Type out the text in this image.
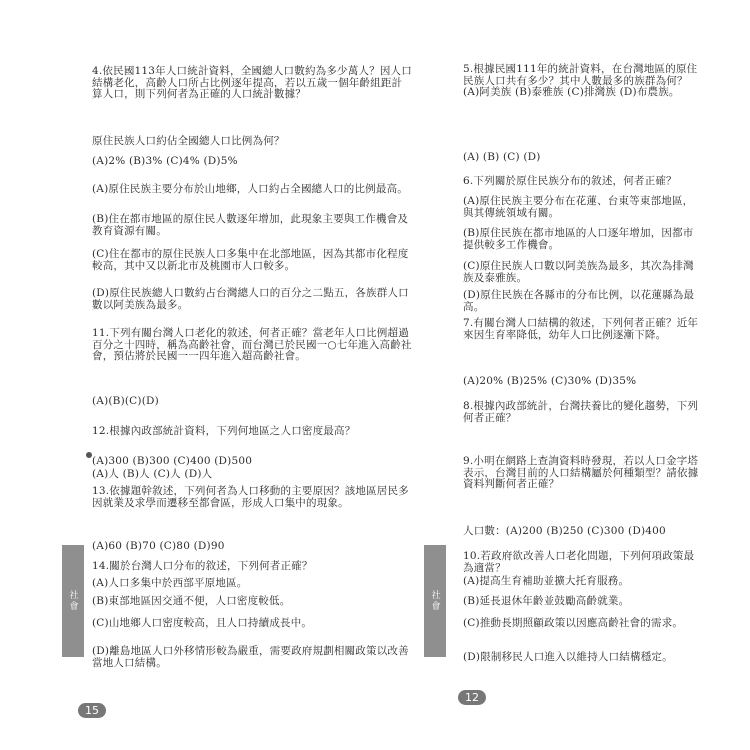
4.依民國113年人口統計資料，全國總人口數約為多少萬人？因人口結構老化，高齡人口所占比例逐年提高，若以五歲一個年齡組距計算人口，則下列何者為正確的人口統計數據？
原住民族人口約佔全國總人口比例為何？
(A)2% (B)3% (C)4% (D)5%
(A)原住民族主要分布於山地鄉，人口約占全國總人口的比例最高。
(B)住在都市地區的原住民人數逐年增加，此現象主要與工作機會及教育資源有關。
(C)住在都市的原住民族人口多集中在北部地區，因為其都市化程度較高，其中又以新北市及桃園市人口較多。
(D)原住民族總人口數約占台灣總人口的百分之二點五，各族群人口數以阿美族為最多。
11.下列有關台灣人口老化的敘述，何者正確？當老年人口比例超過百分之十四時，稱為高齡社會，而台灣已於民國一○七年進入高齡社會，預估將於民國一一四年進入超高齡社會。
(A)(B)(C)(D)
12.根據內政部統計資料，下列何地區之人口密度最高？
(A)300 (B)300 (C)400 (D)500
(A)人 (B)人 (C)人 (D)人
13.依據題幹敘述，下列何者為人口移動的主要原因？該地區居民多因就業及求學而遷移至都會區，形成人口集中的現象。
(A)60 (B)70 (C)80 (D)90
14.關於台灣人口分布的敘述，下列何者正確？
(A)人口多集中於西部平原地區。
(B)東部地區因交通不便，人口密度較低。
(C)山地鄉人口密度較高，且人口持續成長中。
(D)離島地區人口外移情形較為嚴重，需要政府規劃相關政策以改善當地人口結構。
5.根據民國111年的統計資料，在台灣地區的原住民族人口共有多少？其中人數最多的族群為何？(A)阿美族 (B)泰雅族 (C)排灣族 (D)布農族。
(A) (B) (C) (D)
6.下列關於原住民族分布的敘述，何者正確？
(A)原住民族主要分布在花蓮、台東等東部地區，與其傳統領域有關。
(B)原住民族在都市地區的人口逐年增加，因都市提供較多工作機會。
(C)原住民族人口數以阿美族為最多，其次為排灣族及泰雅族。
(D)原住民族在各縣市的分布比例，以花蓮縣為最高。
7.有關台灣人口結構的敘述，下列何者正確？近年來因生育率降低，幼年人口比例逐漸下降。
(A)20% (B)25% (C)30% (D)35%
8.根據內政部統計，台灣扶養比的變化趨勢，下列何者正確？
9.小明在網路上查詢資料時發現，若以人口金字塔表示，台灣目前的人口結構屬於何種類型？請依據資料判斷何者正確？
人口數：(A)200 (B)250 (C)300 (D)400
10.若政府欲改善人口老化問題，下列何項政策最為適當？
(A)提高生育補助並擴大托育服務。
(B)延長退休年齡並鼓勵高齡就業。
(C)推動長期照顧政策以因應高齡社會的需求。
(D)限制移民人口進入以維持人口結構穩定。
社會	社會
15
12
